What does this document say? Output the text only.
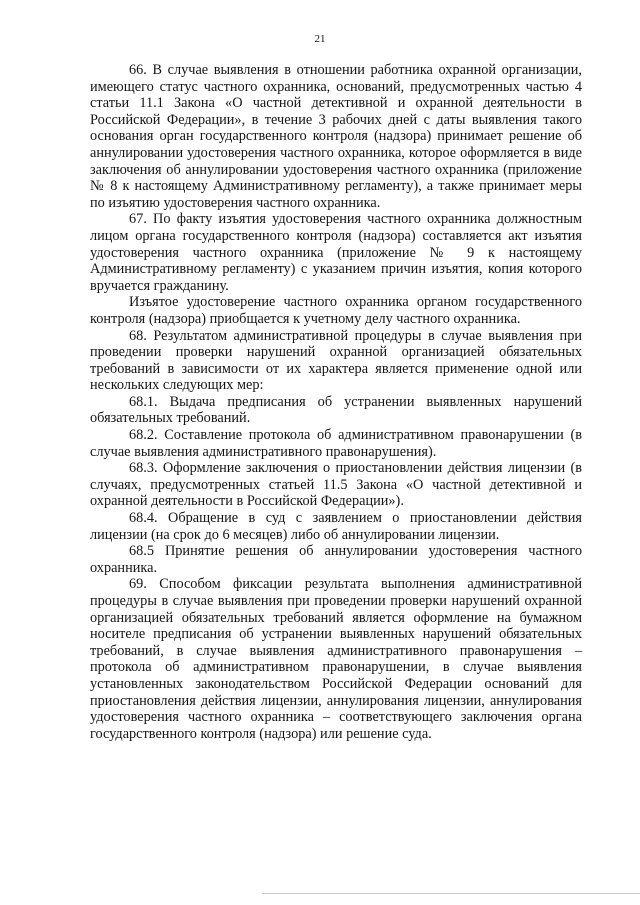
21

66. В случае выявления в отношении работника охранной организации, имеющего статус частного охранника, оснований, предусмотренных частью 4 статьи 11.1 Закона «О частной детективной и охранной деятельности в Российской Федерации», в течение 3 рабочих дней с даты выявления такого основания орган государственного контроля (надзора) принимает решение об аннулировании удостоверения частного охранника, которое оформляется в виде заключения об аннулировании удостоверения частного охранника (приложение № 8 к настоящему Административному регламенту), а также принимает меры по изъятию удостоверения частного охранника.

67. По факту изъятия удостоверения частного охранника должностным лицом органа государственного контроля (надзора) составляется акт изъятия удостоверения частного охранника (приложение № 9 к настоящему Административному регламенту) с указанием причин изъятия, копия которого вручается гражданину.

Изъятое удостоверение частного охранника органом государственного контроля (надзора) приобщается к учетному делу частного охранника.

68. Результатом административной процедуры в случае выявления при проведении проверки нарушений охранной организацией обязательных требований в зависимости от их характера является применение одной или нескольких следующих мер:

68.1. Выдача предписания об устранении выявленных нарушений обязательных требований.

68.2. Составление протокола об административном правонарушении (в случае выявления административного правонарушения).

68.3. Оформление заключения о приостановлении действия лицензии (в случаях, предусмотренных статьей 11.5 Закона «О частной детективной и охранной деятельности в Российской Федерации»).

68.4. Обращение в суд с заявлением о приостановлении действия лицензии (на срок до 6 месяцев) либо об аннулировании лицензии.

68.5 Принятие решения об аннулировании удостоверения частного охранника.

69. Способом фиксации результата выполнения административной процедуры в случае выявления при проведении проверки нарушений охранной организацией обязательных требований является оформление на бумажном носителе предписания об устранении выявленных нарушений обязательных требований, в случае выявления административного правонарушения – протокола об административном правонарушении, в случае выявления установленных законодательством Российской Федерации оснований для приостановления действия лицензии, аннулирования лицензии, аннулирования удостоверения частного охранника – соответствующего заключения органа государственного контроля (надзора) или решение суда.
